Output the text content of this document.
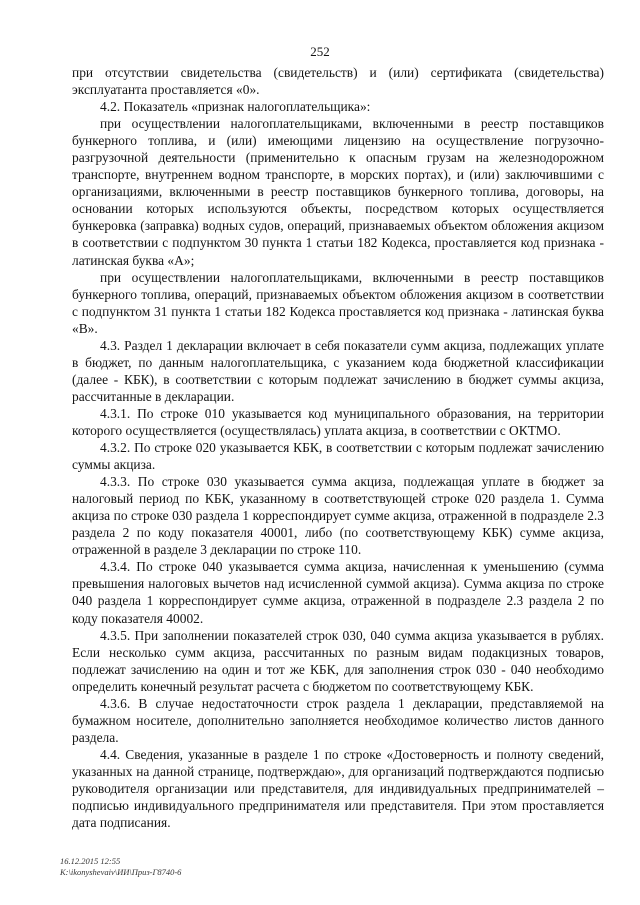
252

при отсутствии свидетельства (свидетельств) и (или) сертификата (свидетельства) эксплуатанта проставляется «0».

4.2. Показатель «признак налогоплательщика»:

при осуществлении налогоплательщиками, включенными в реестр поставщиков бункерного топлива, и (или) имеющими лицензию на осуществление погрузочно-разгрузочной деятельности (применительно к опасным грузам на железнодорожном транспорте, внутреннем водном транспорте, в морских портах), и (или) заключившими с организациями, включенными в реестр поставщиков бункерного топлива, договоры, на основании которых используются объекты, посредством которых осуществляется бункеровка (заправка) водных судов, операций, признаваемых объектом обложения акцизом в соответствии с подпунктом 30 пункта 1 статьи 182 Кодекса, проставляется код признака - латинская буква «А»;

при осуществлении налогоплательщиками, включенными в реестр поставщиков бункерного топлива, операций, признаваемых объектом обложения акцизом в соответствии с подпунктом 31 пункта 1 статьи 182 Кодекса проставляется код признака - латинская буква «В».

4.3. Раздел 1 декларации включает в себя показатели сумм акциза, подлежащих уплате в бюджет, по данным налогоплательщика, с указанием кода бюджетной классификации (далее - КБК), в соответствии с которым подлежат зачислению в бюджет суммы акциза, рассчитанные в декларации.

4.3.1. По строке 010 указывается код муниципального образования, на территории которого осуществляется (осуществлялась) уплата акциза, в соответствии с ОКТМО.

4.3.2. По строке 020 указывается КБК, в соответствии с которым подлежат зачислению суммы акциза.

4.3.3. По строке 030 указывается сумма акциза, подлежащая уплате в бюджет за налоговый период по КБК, указанному в соответствующей строке 020 раздела 1. Сумма акциза по строке 030 раздела 1 корреспондирует сумме акциза, отраженной в подразделе 2.3 раздела 2 по коду показателя 40001, либо (по соответствующему КБК) сумме акциза, отраженной в разделе 3 декларации по строке 110.

4.3.4. По строке 040 указывается сумма акциза, начисленная к уменьшению (сумма превышения налоговых вычетов над исчисленной суммой акциза). Сумма акциза по строке 040 раздела 1 корреспондирует сумме акциза, отраженной в подразделе 2.3 раздела 2 по коду показателя 40002.

4.3.5. При заполнении показателей строк 030, 040 сумма акциза указывается в рублях. Если несколько сумм акциза, рассчитанных по разным видам подакцизных товаров, подлежат зачислению на один и тот же КБК, для заполнения строк 030 - 040 необходимо определить конечный результат расчета с бюджетом по соответствующему КБК.

4.3.6. В случае недостаточности строк раздела 1 декларации, представляемой на бумажном носителе, дополнительно заполняется необходимое количество листов данного раздела.

4.4. Сведения, указанные в разделе 1 по строке «Достоверность и полноту сведений, указанных на данной странице, подтверждаю», для организаций подтверждаются подписью руководителя организации или представителя, для индивидуальных предпринимателей – подписью индивидуального предпринимателя или представителя. При этом проставляется дата подписания.

16.12.2015 12:55
К:\ikonyshevaiv\ИИ\Приз-Г8740-6
